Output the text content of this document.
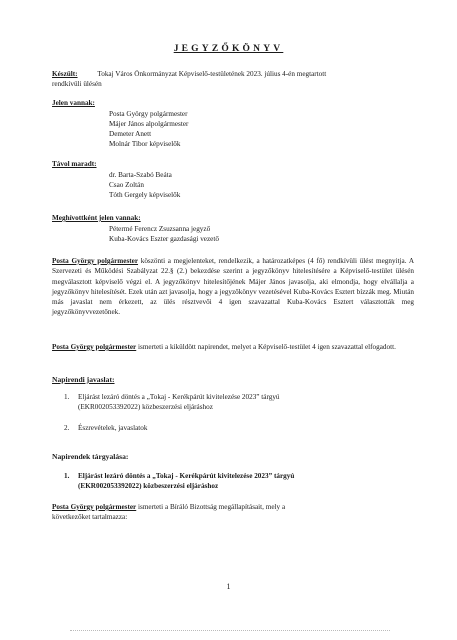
JEGYZŐKÖNYV
Készült:	Tokaj Város Önkormányzat Képviselő-testületének 2023. július 4-én megtartott
rendkívüli ülésén
Jelen vannak:
Posta György polgármester
Májer János alpolgármester
Demeter Anett
Molnár Tibor képviselők
Távol maradt:
dr. Barta-Szabó Beáta
Csao Zoltán
Tóth Gergely képviselők
Meghívottként jelen vannak:
Pétermé Ferencz Zsuzsanna jegyző
Kuba-Kovács Eszter gazdasági vezető
Posta György polgármester köszönti a megjelenteket, rendelkezik, a határozatképes (4 fő) rendkívüli ülést megnyitja. A Szervezeti és Működési Szabályzat 22.§ (2.) bekezdése szerint a jegyzőkönyv hitelesítésére a Képviselő-testület ülésén megválasztott képviselő végzi el. A jegyzőkönyv hitelesítőjének Májer János javasolja, aki elmondja, hogy elvállalja a jegyzőkönyv hitelesítését. Ezek után azt javasolja, hogy a jegyzőkönyv vezetésével Kuba-Kovács Esztert bízzák meg. Miután más javaslat nem érkezett, az ülés résztvevői 4 igen szavazattal Kuba-Kovács Esztert választották meg jegyzőkönyvvezetőnek.
Posta György polgármester ismerteti a kiküldött napirendet, melyet a Képviselő-testület 4 igen szavazattal elfogadott.
Napirendi javaslat:
1. Eljárást lezáró döntés a „Tokaj - Kerékpárút kivitelezése 2023” tárgyú
(EKR002053392022) közbeszerzési eljáráshoz
2. Észrevételek, javaslatok
Napirendek tárgyalása:
1. Eljárást lezáró döntés a „Tokaj - Kerékpárút kivitelezése 2023” tárgyú
(EKR002053392022) közbeszerzési eljáráshoz
Posta György polgármester ismerteti a Bíráló Bizottság megállapításait, mely a
következőket tartalmazza:
1
